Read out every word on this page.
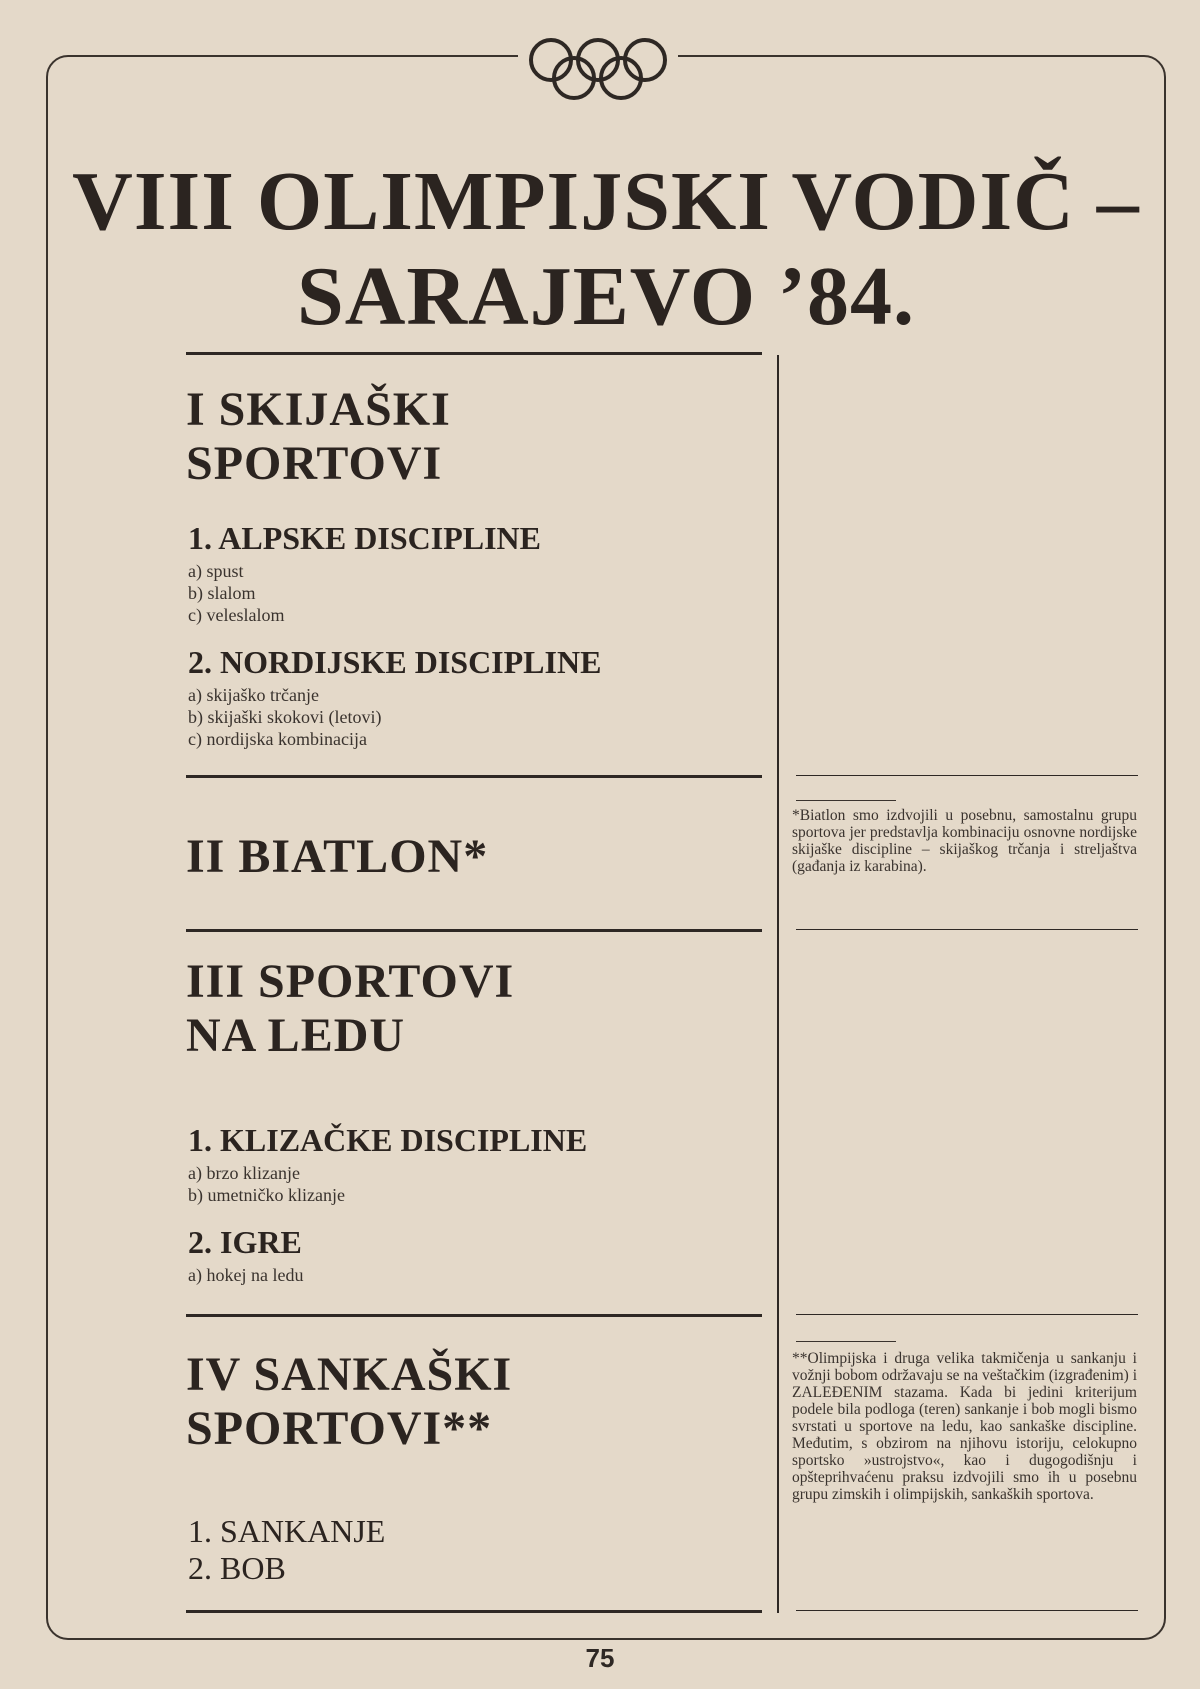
VIII OLIMPIJSKI VODIČ –
SARAJEVO ’84.
I SKIJAŠKI
SPORTOVI
1. ALPSKE DISCIPLINE
a) spust
b) slalom
c) veleslalom
2. NORDIJSKE DISCIPLINE
a) skijaško trčanje
b) skijaški skokovi (letovi)
c) nordijska kombinacija
II BIATLON*
III SPORTOVI
NA LEDU
1. KLIZAČKE DISCIPLINE
a) brzo klizanje
b) umetničko klizanje
2. IGRE
a) hokej na ledu
IV SANKAŠKI
SPORTOVI**
1. SANKANJE
2. BOB

*Biatlon smo izdvojili u posebnu, samostalnu grupu sportova jer predstavlja kombinaciju osnovne nordijske skijaške discipline – skijaškog trčanja i streljaštva (gađanja iz karabina).

**Olimpijska i druga velika takmičenja u sankanju i vožnji bobom održavaju se na veštačkim (izgrađenim) i ZALEĐENIM stazama. Kada bi jedini kriterijum podele bila podloga (teren) sankanje i bob mogli bismo svrstati u sportove na ledu, kao sankaške discipline. Međutim, s obzirom na njihovu istoriju, celokupno sportsko »ustrojstvo«, kao i dugogodišnju i opšteprihvaćenu praksu izdvojili smo ih u posebnu grupu zimskih i olimpijskih, sankaških sportova.

75
